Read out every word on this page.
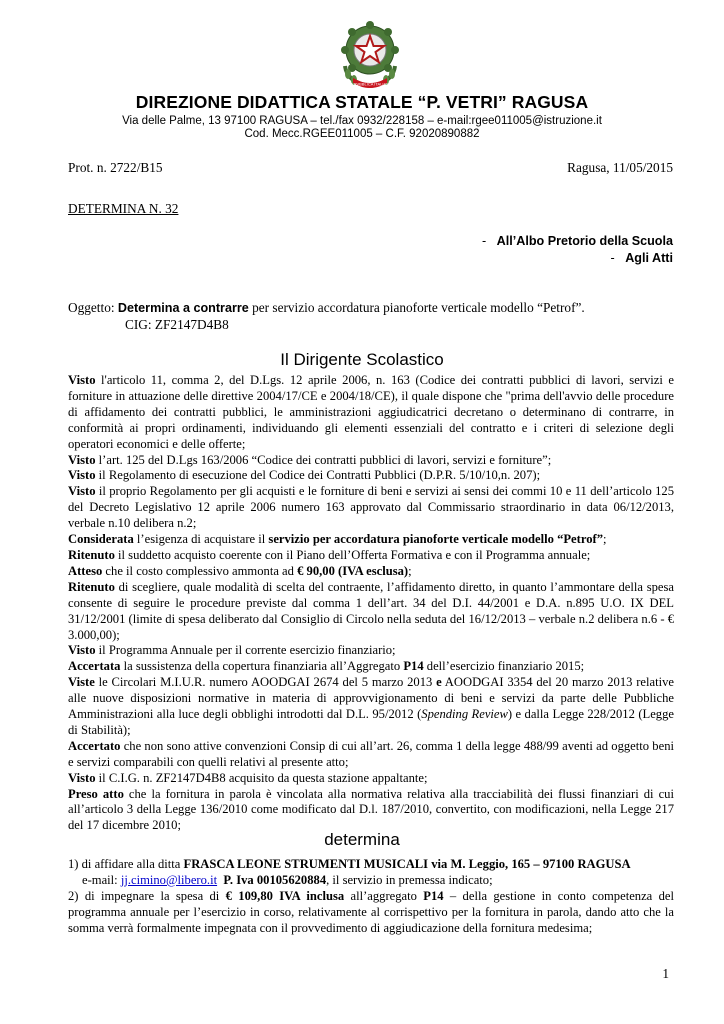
REPVBBLICA ITALIANA
DIREZIONE DIDATTICA STATALE “P. VETRI” RAGUSA
Via delle Palme, 13 97100 RAGUSA – tel./fax 0932/228158 – e-mail:rgee011005@istruzione.it
Cod. Mecc.RGEE011005 – C.F. 92020890882
Prot. n. 2722/B15	Ragusa, 11/05/2015
DETERMINA N. 32
- All’Albo Pretorio della Scuola
- Agli Atti
Oggetto: Determina a contrarre per servizio accordatura pianoforte verticale modello “Petrof”.
CIG: ZF2147D4B8
Il Dirigente Scolastico

Visto l'articolo 11, comma 2, del D.Lgs. 12 aprile 2006, n. 163 (Codice dei contratti pubblici di lavori, servizi e forniture in attuazione delle direttive 2004/17/CE e 2004/18/CE), il quale dispone che "prima dell'avvio delle procedure di affidamento dei contratti pubblici, le amministrazioni aggiudicatrici decretano o determinano di contrarre, in conformità ai propri ordinamenti, individuando gli elementi essenziali del contratto e i criteri di selezione degli operatori economici e delle offerte;

Visto l’art. 125 del D.Lgs 163/2006 “Codice dei contratti pubblici di lavori, servizi e forniture”;

Visto il Regolamento di esecuzione del Codice dei Contratti Pubblici (D.P.R. 5/10/10,n. 207);

Visto il proprio Regolamento per gli acquisti e le forniture di beni e servizi ai sensi dei commi 10 e 11 dell’articolo 125 del Decreto Legislativo 12 aprile 2006 numero 163 approvato dal Commissario straordinario in data 06/12/2013, verbale n.10 delibera n.2;

Considerata l’esigenza di acquistare il servizio per accordatura pianoforte verticale modello “Petrof”;

Ritenuto il suddetto acquisto coerente con il Piano dell’Offerta Formativa e con il Programma annuale;

Atteso che il costo complessivo ammonta ad € 90,00 (IVA esclusa);

Ritenuto di scegliere, quale modalità di scelta del contraente, l’affidamento diretto, in quanto l’ammontare della spesa consente di seguire le procedure previste dal comma 1 dell’art. 34 del D.I. 44/2001 e D.A. n.895 U.O. IX DEL 31/12/2001 (limite di spesa deliberato dal Consiglio di Circolo nella seduta del 16/12/2013 – verbale n.2 delibera n.6 - € 3.000,00);

Visto il Programma Annuale per il corrente esercizio finanziario;

Accertata la sussistenza della copertura finanziaria all’Aggregato P14 dell’esercizio finanziario 2015;

Viste le Circolari M.I.U.R. numero AOODGAI 2674 del 5 marzo 2013 e AOODGAI 3354 del 20 marzo 2013 relative alle nuove disposizioni normative in materia di approvvigionamento di beni e servizi da parte delle Pubbliche Amministrazioni alla luce degli obblighi introdotti dal D.L. 95/2012 (Spending Review) e dalla Legge 228/2012 (Legge di Stabilità);

Accertato che non sono attive convenzioni Consip di cui all’art. 26, comma 1 della legge 488/99 aventi ad oggetto beni e servizi comparabili con quelli relativi al presente atto;

Visto il C.I.G. n. ZF2147D4B8 acquisito da questa stazione appaltante;

Preso atto che la fornitura in parola è vincolata alla normativa relativa alla tracciabilità dei flussi finanziari di cui all’articolo 3 della Legge 136/2010 come modificato dal D.l. 187/2010, convertito, con modificazioni, nella Legge 217 del 17 dicembre 2010;

determina

1) di affidare alla ditta FRASCA LEONE STRUMENTI MUSICALI via M. Leggio, 165 – 97100 RAGUSA

e-mail: jj.cimino@libero.it P. Iva 00105620884, il servizio in premessa indicato;

2) di impegnare la spesa di € 109,80 IVA inclusa all’aggregato P14 – della gestione in conto competenza del programma annuale per l’esercizio in corso, relativamente al corrispettivo per la fornitura in parola, dando atto che la somma verrà formalmente impegnata con il provvedimento di aggiudicazione della fornitura medesima;

1
